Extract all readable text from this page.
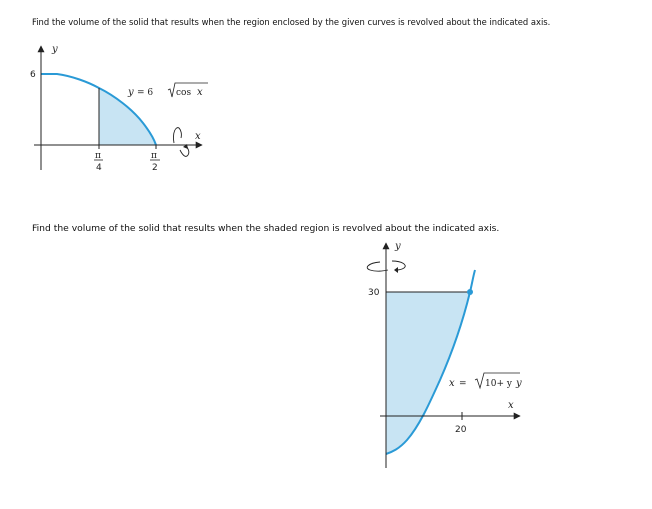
Find the volume of the solid that results when the region enclosed by the given curves is revolved about the indicated axis.
Find the volume of the solid that results when the shaded region is revolved about the indicated axis.
y
x
6
π
4
π
2
y = 6	cos x
y
x
30
20
x = 10+ y y
